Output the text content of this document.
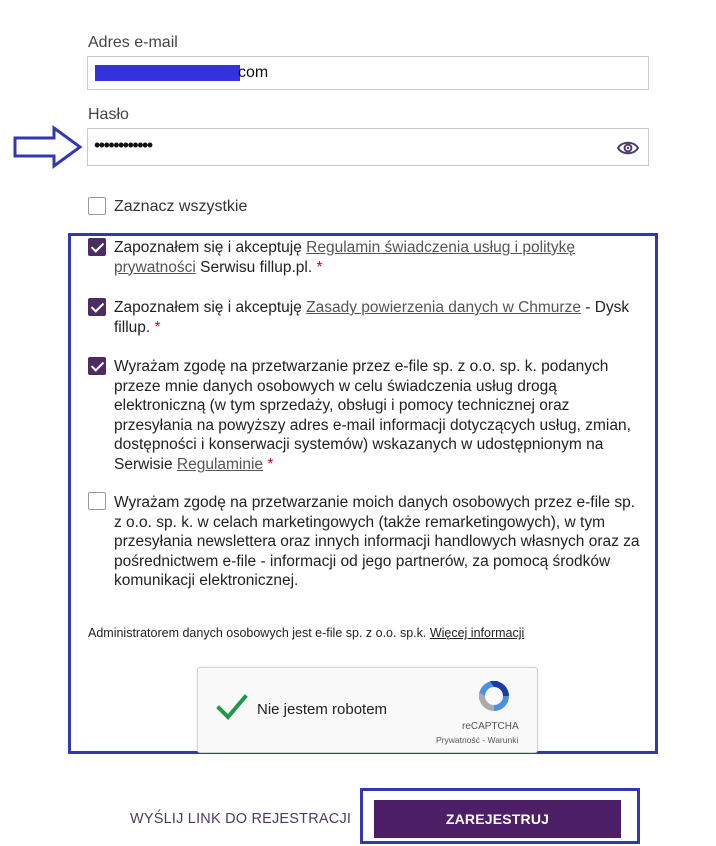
Adres e-mail
com
Hasło
••••••••••••
Zaznacz wszystkie
Zapoznałem się i akceptuję Regulamin świadczenia usług i politykę prywatności Serwisu fillup.pl. *
Zapoznałem się i akceptuję Zasady powierzenia danych w Chmurze - Dysk fillup. *
Wyrażam zgodę na przetwarzanie przez e-file sp. z o.o. sp. k. podanych przeze mnie danych osobowych w celu świadczenia usług drogą elektroniczną (w tym sprzedaży, obsługi i pomocy technicznej oraz przesyłania na powyższy adres e-mail informacji dotyczących usług, zmian, dostępności i konserwacji systemów) wskazanych w udostępnionym na Serwisie Regulaminie *
Wyrażam zgodę na przetwarzanie moich danych osobowych przez e-file sp. z o.o. sp. k. w celach marketingowych (także remarketingowych), w tym przesyłania newslettera oraz innych informacji handlowych własnych oraz za pośrednictwem e-file - informacji od jego partnerów, za pomocą środków komunikacji elektronicznej.
Administratorem danych osobowych jest e-file sp. z o.o. sp.k. Więcej informacji
Nie jestem robotem
reCAPTCHA
Prywatność - Warunki
WYŚLIJ LINK DO REJESTRACJI	ZAREJESTRUJ
